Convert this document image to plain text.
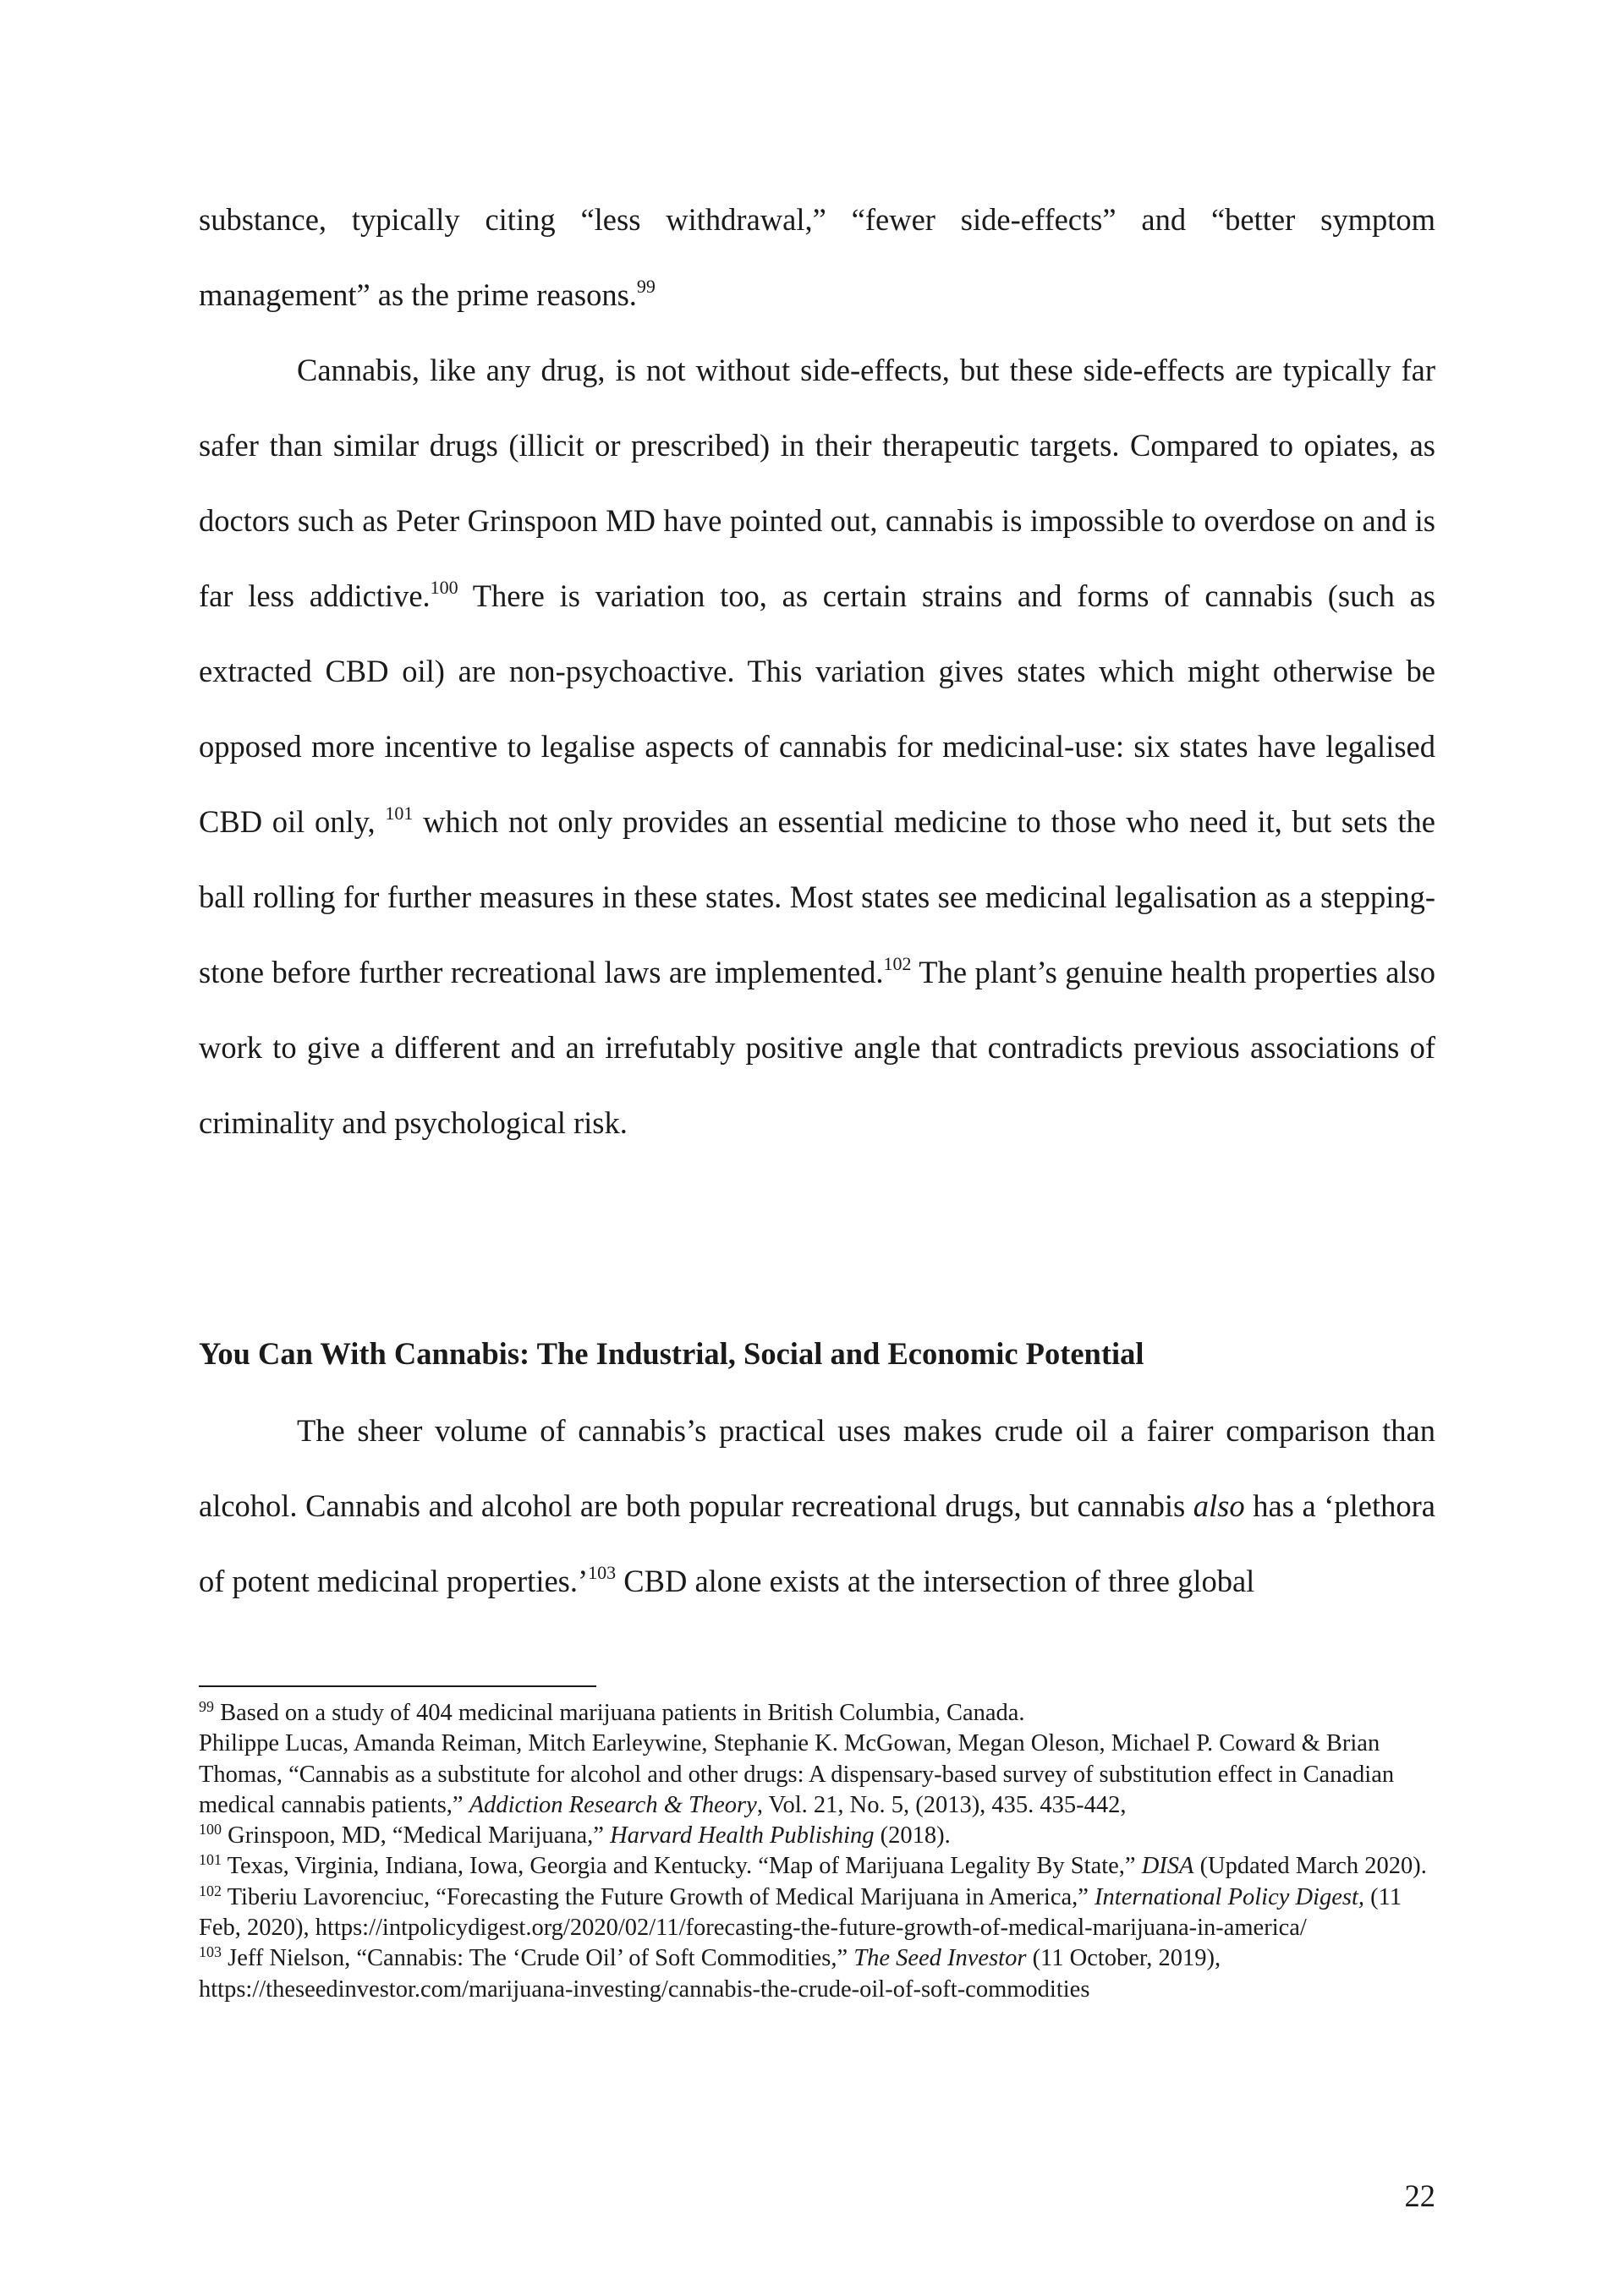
substance, typically citing “less withdrawal,” “fewer side-effects” and “better symptom management” as the prime reasons.$^{99}$

Cannabis, like any drug, is not without side-effects, but these side-effects are typically far safer than similar drugs (illicit or prescribed) in their therapeutic targets. Compared to opiates, as doctors such as Peter Grinspoon MD have pointed out, cannabis is impossible to overdose on and is far less addictive.$^{100}$ There is variation too, as certain strains and forms of cannabis (such as extracted CBD oil) are non-psychoactive. This variation gives states which might otherwise be opposed more incentive to legalise aspects of cannabis for medicinal-use: six states have legalised CBD oil only, $^{101}$ which not only provides an essential medicine to those who need it, but sets the ball rolling for further measures in these states. Most states see medicinal legalisation as a stepping-stone before further recreational laws are implemented.$^{102}$ The plant’s genuine health properties also work to give a different and an irrefutably positive angle that contradicts previous associations of criminality and psychological risk.

You Can With Cannabis: The Industrial, Social and Economic Potential

The sheer volume of cannabis’s practical uses makes crude oil a fairer comparison than alcohol. Cannabis and alcohol are both popular recreational drugs, but cannabis also has a ‘plethora of potent medicinal properties.’$^{103}$ CBD alone exists at the intersection of three global

$^{99}$ Based on a study of 404 medicinal marijuana patients in British Columbia, Canada.

Philippe Lucas, Amanda Reiman, Mitch Earleywine, Stephanie K. McGowan, Megan Oleson, Michael P. Coward & Brian Thomas, “Cannabis as a substitute for alcohol and other drugs: A dispensary-based survey of substitution effect in Canadian medical cannabis patients,” Addiction Research & Theory, Vol. 21, No. 5, (2013), 435. 435-442,

$^{100}$ Grinspoon, MD, “Medical Marijuana,” Harvard Health Publishing (2018).

$^{101}$ Texas, Virginia, Indiana, Iowa, Georgia and Kentucky. “Map of Marijuana Legality By State,” DISA (Updated March 2020).

$^{102}$ Tiberiu Lavorenciuc, “Forecasting the Future Growth of Medical Marijuana in America,” International Policy Digest, (11 Feb, 2020), https://intpolicydigest.org/2020/02/11/forecasting-the-future-growth-of-medical-marijuana-in-america/

$^{103}$ Jeff Nielson, “Cannabis: The ‘Crude Oil’ of Soft Commodities,” The Seed Investor (11 October, 2019), https://theseedinvestor.com/marijuana-investing/cannabis-the-crude-oil-of-soft-commodities

22
